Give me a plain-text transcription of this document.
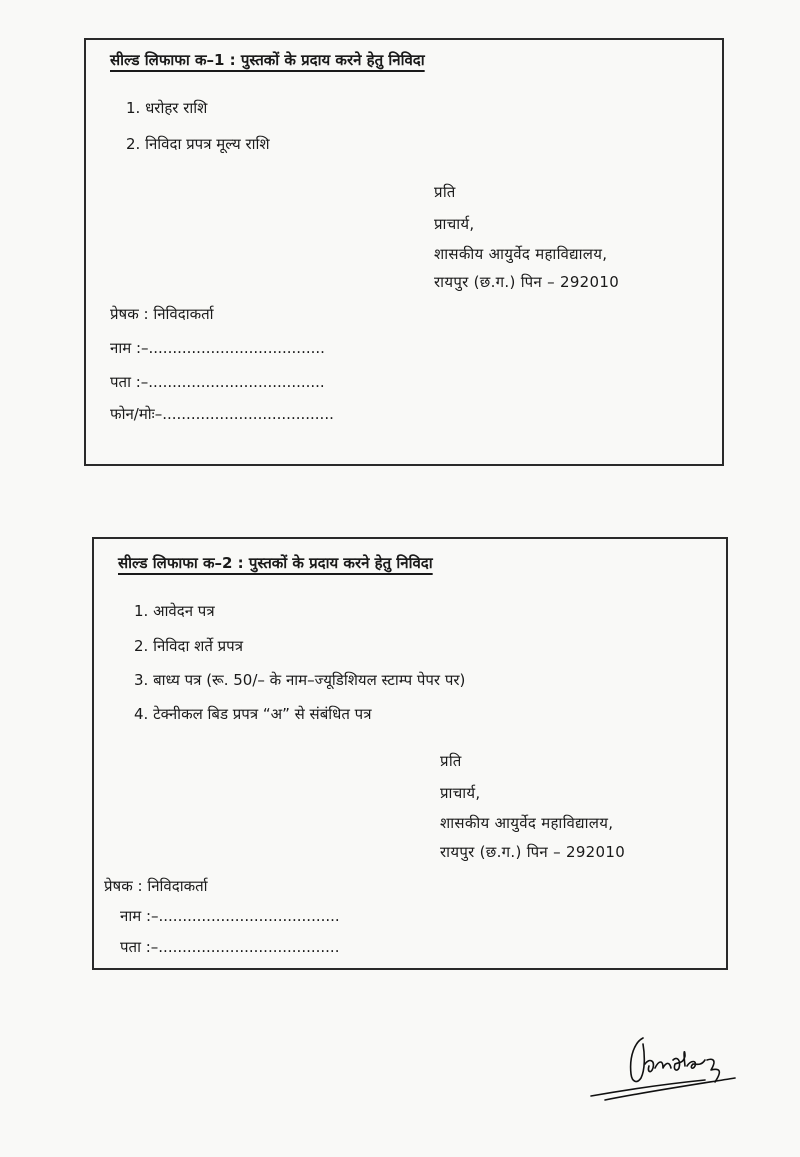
सील्ड लिफाफा क–1 : पुस्तकों के प्रदाय करने हेतु निविदा
1. धरोहर राशि
2. निविदा प्रपत्र मूल्य राशि
प्रति
प्राचार्य,
शासकीय आयुर्वेद महाविद्यालय,
रायपुर (छ.ग.) पिन – 292010
प्रेषक : निविदाकर्ता
नाम :–.....................................
पता :–.....................................
फोन/मोः–....................................
सील्ड लिफाफा क–2 : पुस्तकों के प्रदाय करने हेतु निविदा
1. आवेदन पत्र
2. निविदा शर्ते प्रपत्र
3. बाध्य पत्र (रू. 50/– के नाम–ज्यूडिशियल स्टाम्प पेपर पर)
4. टेक्नीकल बिड प्रपत्र “अ” से संबंधित पत्र
प्रति
प्राचार्य,
शासकीय आयुर्वेद महाविद्यालय,
रायपुर (छ.ग.) पिन – 292010
प्रेषक : निविदाकर्ता
नाम :–......................................
पता :–......................................
